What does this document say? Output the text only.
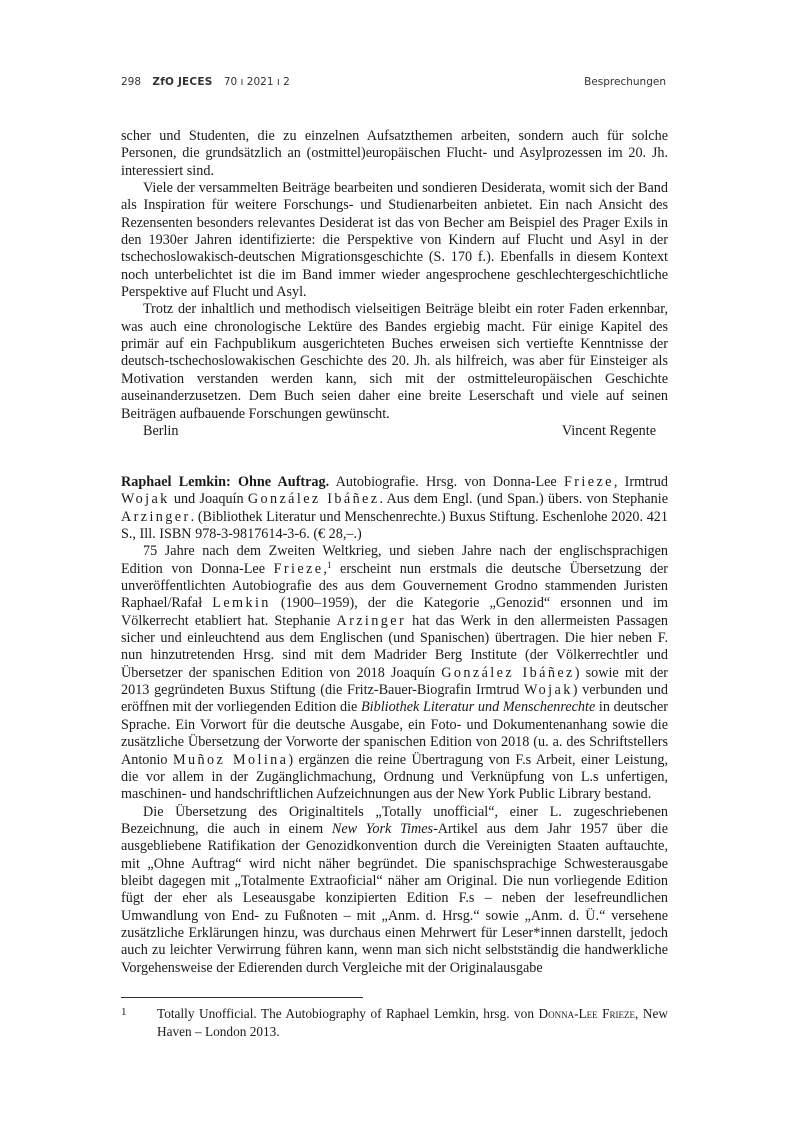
298 ZfO JECES 70 ı 2021 ı 2	Besprechungen

scher und Studenten, die zu einzelnen Aufsatzthemen arbeiten, sondern auch für solche Personen, die grundsätzlich an (ostmittel)europäischen Flucht- und Asylprozessen im 20. Jh. interessiert sind.

Viele der versammelten Beiträge bearbeiten und sondieren Desiderata, womit sich der Band als Inspiration für weitere Forschungs- und Studienarbeiten anbietet. Ein nach Ansicht des Rezensenten besonders relevantes Desiderat ist das von Becher am Beispiel des Prager Exils in den 1930er Jahren identifizierte: die Perspektive von Kindern auf Flucht und Asyl in der tschechoslowakisch-deutschen Migrationsgeschichte (S. 170 f.). Ebenfalls in diesem Kontext noch unterbelichtet ist die im Band immer wieder angesprochene geschlechtergeschichtliche Perspektive auf Flucht und Asyl.

Trotz der inhaltlich und methodisch vielseitigen Beiträge bleibt ein roter Faden erkennbar, was auch eine chronologische Lektüre des Bandes ergiebig macht. Für einige Kapitel des primär auf ein Fachpublikum ausgerichteten Buches erweisen sich vertiefte Kenntnisse der deutsch-tschechoslowakischen Geschichte des 20. Jh. als hilfreich, was aber für Einsteiger als Motivation verstanden werden kann, sich mit der ostmitteleuropäischen Geschichte auseinanderzusetzen. Dem Buch seien daher eine breite Leserschaft und viele auf seinen Beiträgen aufbauende Forschungen gewünscht.

Berlin	Vincent Regente

Raphael Lemkin: Ohne Auftrag. Autobiografie. Hrsg. von Donna-Lee Frieze, Irmtrud Wojak und Joaquín González Ibáñez. Aus dem Engl. (und Span.) übers. von Stephanie Arzinger. (Bibliothek Literatur und Menschenrechte.) Buxus Stiftung. Eschenlohe 2020. 421 S., Ill. ISBN 978-3-9817614-3-6. (€ 28,–.)

75 Jahre nach dem Zweiten Weltkrieg, und sieben Jahre nach der englischsprachigen Edition von Donna-Lee Frieze,$^1$ erscheint nun erstmals die deutsche Übersetzung der unveröffentlichten Autobiografie des aus dem Gouvernement Grodno stammenden Juristen Raphael/Rafał Lemkin (1900–1959), der die Kategorie „Genozid“ ersonnen und im Völkerrecht etabliert hat. Stephanie Arzinger hat das Werk in den allermeisten Passagen sicher und einleuchtend aus dem Englischen (und Spanischen) übertragen. Die hier neben F. nun hinzutretenden Hrsg. sind mit dem Madrider Berg Institute (der Völkerrechtler und Übersetzer der spanischen Edition von 2018 Joaquín González Ibáñez) sowie mit der 2013 gegründeten Buxus Stiftung (die Fritz-Bauer-Biografin Irmtrud Wojak) verbunden und eröffnen mit der vorliegenden Edition die Bibliothek Literatur und Menschenrechte in deutscher Sprache. Ein Vorwort für die deutsche Ausgabe, ein Foto- und Dokumentenanhang sowie die zusätzliche Übersetzung der Vorworte der spanischen Edition von 2018 (u. a. des Schriftstellers Antonio Muñoz Molina) ergänzen die reine Übertragung von F.s Arbeit, einer Leistung, die vor allem in der Zugänglichmachung, Ordnung und Verknüpfung von L.s unfertigen, maschinen- und handschriftlichen Aufzeichnungen aus der New York Public Library bestand.

Die Übersetzung des Originaltitels „Totally unofficial“, einer L. zugeschriebenen Bezeichnung, die auch in einem New York Times-Artikel aus dem Jahr 1957 über die ausgebliebene Ratifikation der Genozidkonvention durch die Vereinigten Staaten auftauchte, mit „Ohne Auftrag“ wird nicht näher begründet. Die spanischsprachige Schwesterausgabe bleibt dagegen mit „Totalmente Extraoficial“ näher am Original. Die nun vorliegende Edition fügt der eher als Leseausgabe konzipierten Edition F.s – neben der lesefreundlichen Umwandlung von End- zu Fußnoten – mit „Anm. d. Hrsg.“ sowie „Anm. d. Ü.“ versehene zusätzliche Erklärungen hinzu, was durchaus einen Mehrwert für Leser*innen darstellt, jedoch auch zu leichter Verwirrung führen kann, wenn man sich nicht selbstständig die handwerkliche Vorgehensweise der Edierenden durch Vergleiche mit der Originalausgabe

1 Totally Unofficial. The Autobiography of Raphael Lemkin, hrsg. von Donna-Lee Frieze, New Haven – London 2013.
